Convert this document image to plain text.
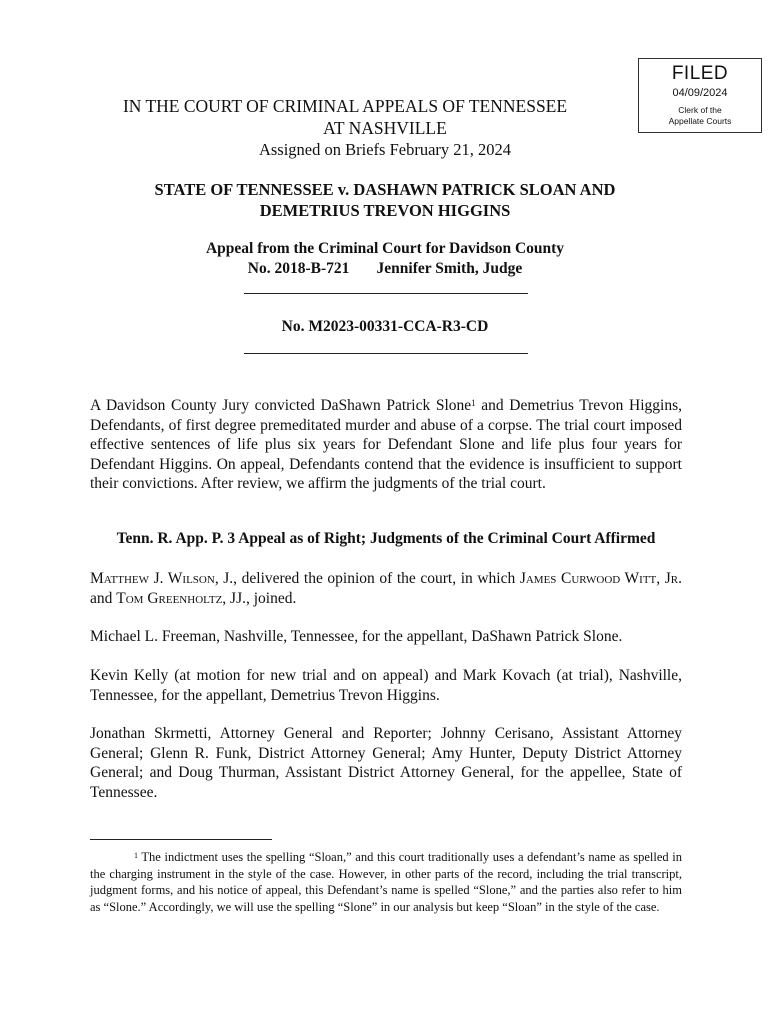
FILED
04/09/2024
Clerk of the
Appellate Courts
IN THE COURT OF CRIMINAL APPEALS OF TENNESSEE
AT NASHVILLE
Assigned on Briefs February 21, 2024
STATE OF TENNESSEE v. DASHAWN PATRICK SLOAN AND
DEMETRIUS TREVON HIGGINS
Appeal from the Criminal Court for Davidson County
No. 2018-B-721 Jennifer Smith, Judge
No. M2023-00331-CCA-R3-CD
A Davidson County Jury convicted DaShawn Patrick Slone$^1$ and Demetrius Trevon Higgins, Defendants, of first degree premeditated murder and abuse of a corpse. The trial court imposed effective sentences of life plus six years for Defendant Slone and life plus four years for Defendant Higgins. On appeal, Defendants contend that the evidence is insufficient to support their convictions. After review, we affirm the judgments of the trial court.
Tenn. R. App. P. 3 Appeal as of Right; Judgments of the Criminal Court Affirmed
Matthew J. Wilson, J., delivered the opinion of the court, in which James Curwood Witt, Jr. and Tom Greenholtz, JJ., joined.
Michael L. Freeman, Nashville, Tennessee, for the appellant, DaShawn Patrick Slone.
Kevin Kelly (at motion for new trial and on appeal) and Mark Kovach (at trial), Nashville, Tennessee, for the appellant, Demetrius Trevon Higgins.
Jonathan Skrmetti, Attorney General and Reporter; Johnny Cerisano, Assistant Attorney General; Glenn R. Funk, District Attorney General; Amy Hunter, Deputy District Attorney General; and Doug Thurman, Assistant District Attorney General, for the appellee, State of Tennessee.
$^1$ The indictment uses the spelling “Sloan,” and this court traditionally uses a defendant’s name as spelled in the charging instrument in the style of the case. However, in other parts of the record, including the trial transcript, judgment forms, and his notice of appeal, this Defendant’s name is spelled “Slone,” and the parties also refer to him as “Slone.” Accordingly, we will use the spelling “Slone” in our analysis but keep “Sloan” in the style of the case.
